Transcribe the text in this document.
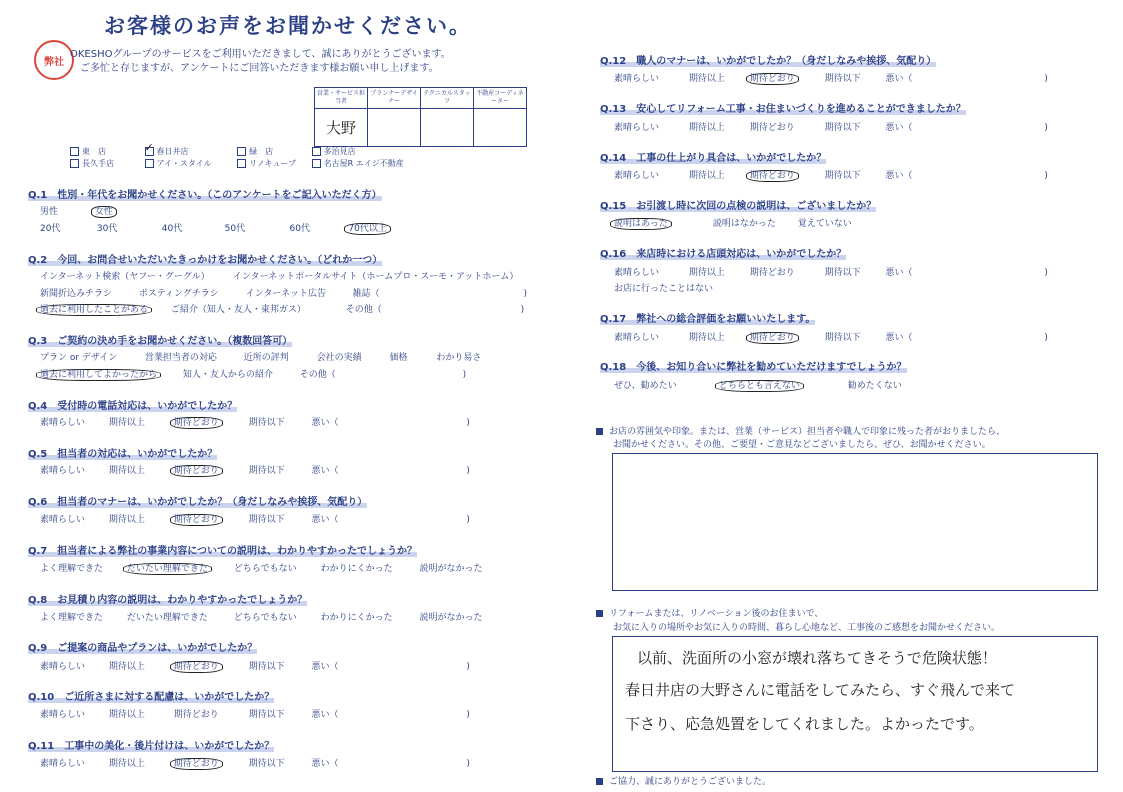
お客様のお声をお聞かせください。
弊社
OKESHOグループのサービスをご利用いただきまして、誠にありがとうございます。
ご多忙と存じますが、アンケートにご回答いただきます様お願い申し上げます。
営業・サービス担当者	プランナーデザイナー	テクニカルスタッフ	不動産コーディネーター
大野			
東　店	✓ 春日井店	緑　店	多治見店
長久手店	アイ・スタイル	リノキューブ	名古屋R エイジ不動産
Q.1　性別・年代をお聞かせください。（このアンケートをご記入いただく方）
男性	女性
20代	30代	40代	50代	60代	70代以上
Q.2　今回、お問合せいただいたきっかけをお聞かせください。（どれか一つ）
インターネット検索（ヤフー・グーグル）	インターネットポータルサイト（ホームプロ・スーモ・アットホーム）
新聞折込みチラシ	ポスティングチラシ	インターネット広告	雑誌（	)
過去に利用したことがある	ご紹介（知人・友人・東邦ガス）	その他（	)
Q.3　ご契約の決め手をお聞かせください。（複数回答可）
プラン or デザイン	営業担当者の対応	近所の評判	会社の実績	価格	わかり易さ
過去に利用してよかったから	知人・友人からの紹介	その他（	)
Q.4　受付時の電話対応は、いかがでしたか？
素晴らしい	期待以上	期待どおり	期待以下	悪い（	)
Q.5　担当者の対応は、いかがでしたか？
素晴らしい	期待以上	期待どおり	期待以下	悪い（	)
Q.6　担当者のマナーは、いかがでしたか？（身だしなみや挨拶、気配り）
素晴らしい	期待以上	期待どおり	期待以下	悪い（	)
Q.7　担当者による弊社の事業内容についての説明は、わかりやすかったでしょうか？
よく理解できた	だいたい理解できた	どちらでもない	わかりにくかった	説明がなかった
Q.8　お見積り内容の説明は、わかりやすかったでしょうか？
よく理解できた	だいたい理解できた	どちらでもない	わかりにくかった	説明がなかった
Q.9　ご提案の商品やプランは、いかがでしたか？
素晴らしい	期待以上	期待どおり	期待以下	悪い（	)
Q.10　ご近所さまに対する配慮は、いかがでしたか？
素晴らしい	期待以上	期待どおり	期待以下	悪い（	)
Q.11　工事中の美化・後片付けは、いかがでしたか？
素晴らしい	期待以上	期待どおり	期待以下	悪い（	)
Q.12　職人のマナーは、いかがでしたか？（身だしなみや挨拶、気配り）
素晴らしい	期待以上	期待どおり	期待以下	悪い（	)
Q.13　安心してリフォーム工事・お住まいづくりを進めることができましたか？
素晴らしい	期待以上	期待どおり	期待以下	悪い（	)
Q.14　工事の仕上がり具合は、いかがでしたか？
素晴らしい	期待以上	期待どおり	期待以下	悪い（	)
Q.15　お引渡し時に次回の点検の説明は、ございましたか？
説明はあった	説明はなかった 覚えていない
Q.16　来店時における店頭対応は、いかがでしたか？
素晴らしい	期待以上	期待どおり	期待以下	悪い（	)
お店に行ったことはない
Q.17　弊社への総合評価をお願いいたします。
素晴らしい	期待以上	期待どおり	期待以下	悪い（	)
Q.18　今後、お知り合いに弊社を勧めていただけますでしょうか？
ぜひ、勧めたい	どちらとも言えない	勧めたくない
お店の雰囲気や印象。または、営業（サービス）担当者や職人で印象に残った者がおりましたら、
お聞かせください。その他、ご要望・ご意見などございましたら、ぜひ、お聞かせください。
リフォームまたは、リノベーション後のお住まいで、
お気に入りの場所やお気に入りの時間、暮らし心地など、工事後のご感想をお聞かせください。
以前、洗面所の小窓が壊れ落ちてきそうで危険状態！
春日井店の大野さんに電話をしてみたら、すぐ飛んで来て
下さり、応急処置をしてくれました。よかったです。
ご協力、誠にありがとうございました。
